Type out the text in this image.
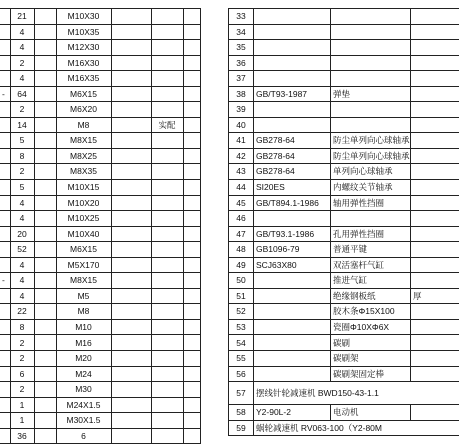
	21		M10X30			
	4		M10X35			
	4		M12X30			
	2		M16X30			
	4		M16X35			
-	64		M6X15			
	2		M6X20			
	14		M8		实配	
	5		M8X15			
	8		M8X25			
	2		M8X35			
	5		M10X15			
	4		M10X20			
	4		M10X25			
	20		M10X40			
	52		M6X15			
	4		M5X170			
-	4		M8X15			
	4		M5			
	22		M8			
	8		M10			
	2		M16			
	2		M20			
	6		M24			
	2		M30			
	1		M24X1.5			
	1		M30X1.5			
	36		6			
33			
34			
35			
36			
37			
38	GB/T93-1987	弹垫	
39			
40			
41	GB278-64	防尘单列向心球轴承	
42	GB278-64	防尘单列向心球轴承	
43	GB278-64	单列向心球轴承	
44	SI20ES	内螺纹关节轴承	
45	GB/T894.1-1986	轴用弹性挡圈	
46			
47	GB/T93.1-1986	孔用弹性挡圈	
48	GB1096-79	普通平键	
49	SCJ63X80	双活塞杆气缸	
50		推进气缸	
51		绝缘钢板纸	厚
52		胶木条Φ15X100	
53		瓷圈Φ10XΦ6X	
54		碳刷	
55		碳刷架	
56		碳刷架固定棒	
57	摆线针轮减速机 BWD150-43-1.1		
58	Y2-90L-2	电动机	
59	蜗轮减速机 RV063-100（Y2-80M		
